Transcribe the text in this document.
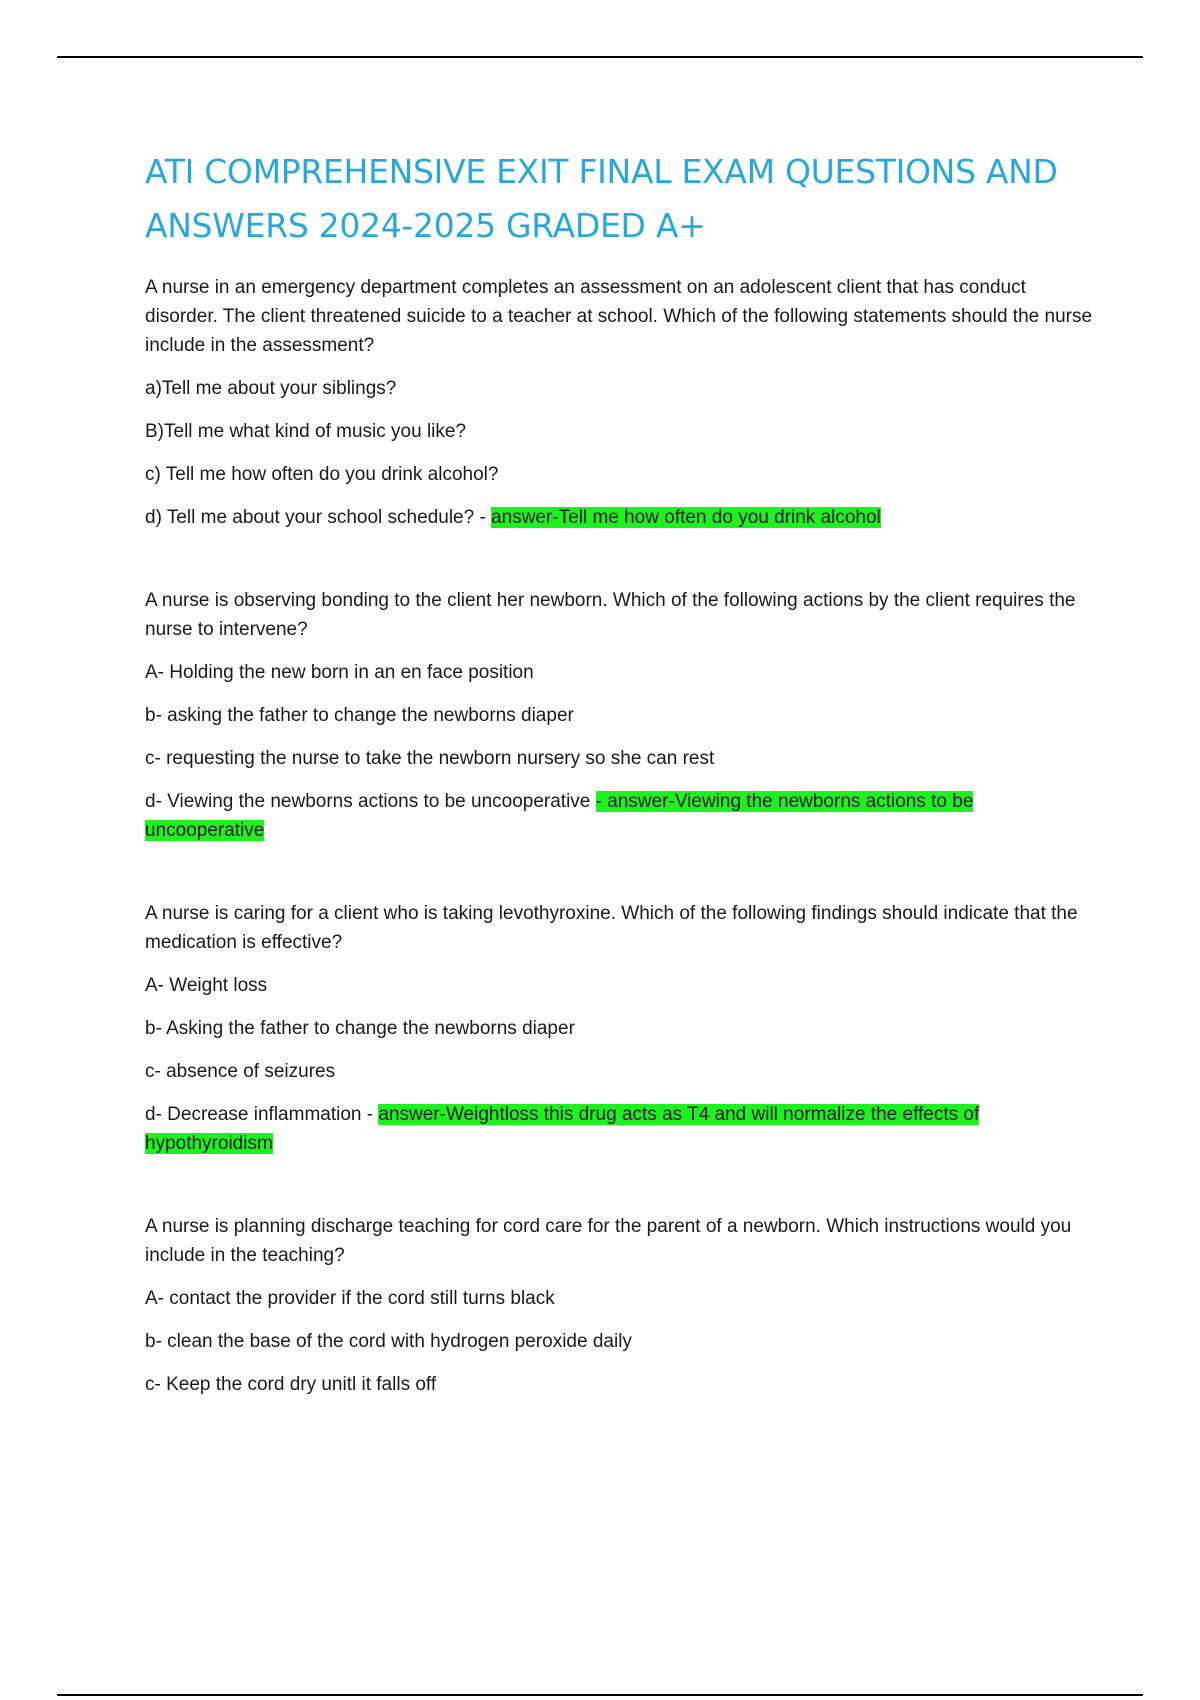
ATI COMPREHENSIVE EXIT FINAL EXAM QUESTIONS AND ANSWERS 2024-2025 GRADED A+

A nurse in an emergency department completes an assessment on an adolescent client that has conduct disorder. The client threatened suicide to a teacher at school. Which of the following statements should the nurse include in the assessment?

a)Tell me about your siblings?

B)Tell me what kind of music you like?

c) Tell me how often do you drink alcohol?

d) Tell me about your school schedule? - answer-Tell me how often do you drink alcohol

A nurse is observing bonding to the client her newborn. Which of the following actions by the client requires the nurse to intervene?

A- Holding the new born in an en face position

b- asking the father to change the newborns diaper

c- requesting the nurse to take the newborn nursery so she can rest

d- Viewing the newborns actions to be uncooperative - answer-Viewing the newborns actions to be uncooperative

A nurse is caring for a client who is taking levothyroxine. Which of the following findings should indicate that the medication is effective?

A- Weight loss

b- Asking the father to change the newborns diaper

c- absence of seizures

d- Decrease inflammation - answer-Weightloss this drug acts as T4 and will normalize the effects of hypothyroidism

A nurse is planning discharge teaching for cord care for the parent of a newborn. Which instructions would you include in the teaching?

A- contact the provider if the cord still turns black

b- clean the base of the cord with hydrogen peroxide daily

c- Keep the cord dry unitl it falls off
